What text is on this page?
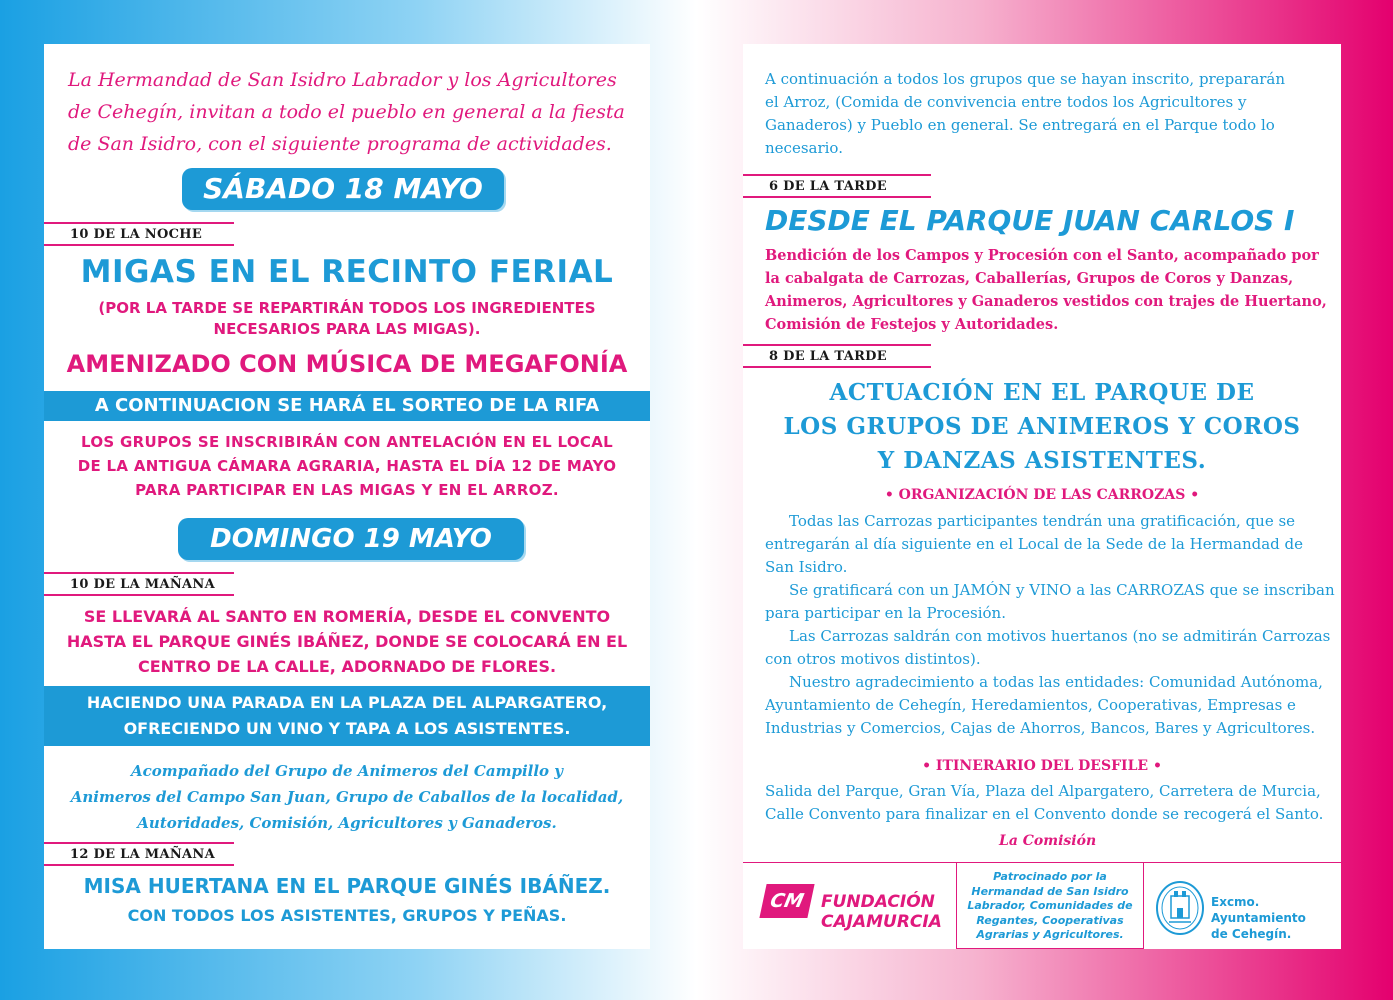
La Hermandad de San Isidro Labrador y los Agricultores de Cehegín, invitan a todo el pueblo en general a la fiesta de San Isidro, con el siguiente programa de actividades.

SÁBADO 18 MAYO
10 DE LA NOCHE
MIGAS EN EL RECINTO FERIAL
(POR LA TARDE SE REPARTIRÁN TODOS LOS INGREDIENTES
NECESARIOS PARA LAS MIGAS).
AMENIZADO CON MÚSICA DE MEGAFONÍA
A CONTINUACION SE HARÁ EL SORTEO DE LA RIFA
LOS GRUPOS SE INSCRIBIRÁN CON ANTELACIÓN EN EL LOCAL
DE LA ANTIGUA CÁMARA AGRARIA, HASTA EL DÍA 12 DE MAYO
PARA PARTICIPAR EN LAS MIGAS Y EN EL ARROZ.
DOMINGO 19 MAYO
10 DE LA MAÑANA
SE LLEVARÁ AL SANTO EN ROMERÍA, DESDE EL CONVENTO
HASTA EL PARQUE GINÉS IBÁÑEZ, DONDE SE COLOCARÁ EN EL
CENTRO DE LA CALLE, ADORNADO DE FLORES.
HACIENDO UNA PARADA EN LA PLAZA DEL ALPARGATERO,
OFRECIENDO UN VINO Y TAPA A LOS ASISTENTES.
Acompañado del Grupo de Animeros del Campillo y
Animeros del Campo San Juan, Grupo de Caballos de la localidad,
Autoridades, Comisión, Agricultores y Ganaderos.
12 DE LA MAÑANA
MISA HUERTANA EN EL PARQUE GINÉS IBÁÑEZ.
CON TODOS LOS ASISTENTES, GRUPOS Y PEÑAS.
A continuación a todos los grupos que se hayan inscrito, prepararán
el Arroz, (Comida de convivencia entre todos los Agricultores y
Ganaderos) y Pueblo en general. Se entregará en el Parque todo lo
necesario.
6 DE LA TARDE
DESDE EL PARQUE JUAN CARLOS I
Bendición de los Campos y Procesión con el Santo, acompañado por
la cabalgata de Carrozas, Caballerías, Grupos de Coros y Danzas,
Animeros, Agricultores y Ganaderos vestidos con trajes de Huertano,
Comisión de Festejos y Autoridades.
8 DE LA TARDE
ACTUACIÓN EN EL PARQUE DE
LOS GRUPOS DE ANIMEROS Y COROS
Y DANZAS ASISTENTES.
• ORGANIZACIÓN DE LAS CARROZAS •
Todas las Carrozas participantes tendrán una gratificación, que se
entregarán al día siguiente en el Local de la Sede de la Hermandad de
San Isidro.
Se gratificará con un JAMÓN y VINO a las CARROZAS que se inscriban
para participar en la Procesión.
Las Carrozas saldrán con motivos huertanos (no se admitirán Carrozas
con otros motivos distintos).
Nuestro agradecimiento a todas las entidades: Comunidad Autónoma,
Ayuntamiento de Cehegín, Heredamientos, Cooperativas, Empresas e
Industrias y Comercios, Cajas de Ahorros, Bancos, Bares y Agricultores.
• ITINERARIO DEL DESFILE •
Salida del Parque, Gran Vía, Plaza del Alpargatero, Carretera de Murcia,
Calle Convento para finalizar en el Convento donde se recogerá el Santo.
La Comisión
CM FUNDACIÓN
CAJAMURCIA
Patrocinado por la
Hermandad de San Isidro
Labrador, Comunidades de
Regantes, Cooperativas
Agrarias y Agricultores.
Excmo. Ayuntamiento
de Cehegín.
